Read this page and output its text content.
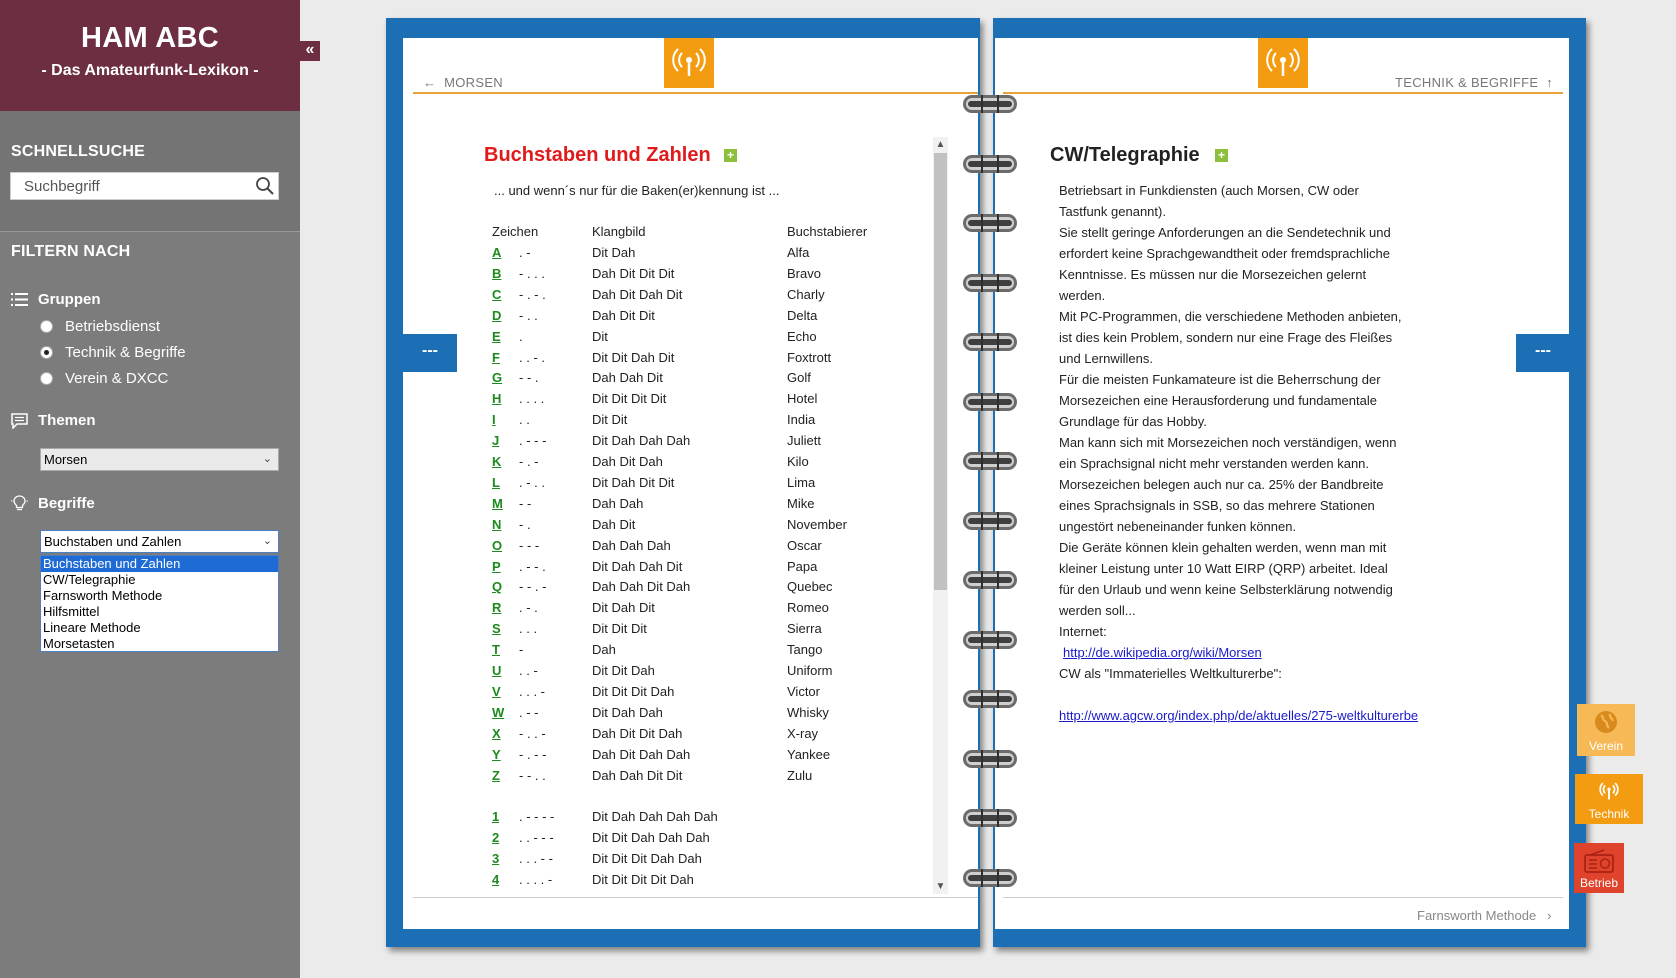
HAM ABC
- Das Amateurfunk-Lexikon -
SCHNELLSUCHE
Suchbegriff
FILTERN NACH
Gruppen
Betriebsdienst
Technik & Begriffe
Verein & DXCC
Themen
Morsen	⌄
Begriffe
Buchstaben und Zahlen	⌄
Buchstaben und Zahlen
CW/Telegraphie
Farnsworth Methode
Hilfsmittel
Lineare Methode
Morsetasten
«
---
← MORSEN
Buchstaben und Zahlen +
... und wenn´s nur für die Baken(er)kennung ist ...
Zeichen	Klangbild	Buchstabierer
A . -	Dit Dah	Alfa
B - . . .	Dah Dit Dit Dit	Bravo
C - . - .	Dah Dit Dah Dit	Charly
D - . .	Dah Dit Dit	Delta
E .	Dit	Echo
F . . - .	Dit Dit Dah Dit	Foxtrott
G - - .	Dah Dah Dit	Golf
H . . . .	Dit Dit Dit Dit	Hotel
I . .	Dit Dit	India
J . - - -	Dit Dah Dah Dah	Juliett
K - . -	Dah Dit Dah	Kilo
L . - . .	Dit Dah Dit Dit	Lima
M - -	Dah Dah	Mike
N - .	Dah Dit	November
O - - -	Dah Dah Dah	Oscar
P . - - .	Dit Dah Dah Dit	Papa
Q - - . -	Dah Dah Dit Dah	Quebec
R . - .	Dit Dah Dit	Romeo
S . . .	Dit Dit Dit	Sierra
T -	Dah	Tango
U . . -	Dit Dit Dah	Uniform
V . . . -	Dit Dit Dit Dah	Victor
W . - -	Dit Dah Dah	Whisky
X - . . -	Dah Dit Dit Dah	X-ray
Y - . - -	Dah Dit Dah Dah	Yankee
Z - - . .	Dah Dah Dit Dit	Zulu
1 . - - - -	Dit Dah Dah Dah Dah
2 . . - - -	Dit Dit Dah Dah Dah
3 . . . - -	Dit Dit Dit Dah Dah
4 . . . . -	Dit Dit Dit Dit Dah
▲
▼
---
TECHNIK & BEGRIFFE ↑
CW/Telegraphie +
Betriebsart in Funkdiensten (auch Morsen, CW oder
Tastfunk genannt).
Sie stellt geringe Anforderungen an die Sendetechnik und
erfordert keine Sprachgewandtheit oder fremdsprachliche
Kenntnisse. Es müssen nur die Morsezeichen gelernt
werden.
Mit PC-Programmen, die verschiedene Methoden anbieten,
ist dies kein Problem, sondern nur eine Frage des Fleißes
und Lernwillens.
Für die meisten Funkamateure ist die Beherrschung der
Morsezeichen eine Herausforderung und fundamentale
Grundlage für das Hobby.
Man kann sich mit Morsezeichen noch verständigen, wenn
ein Sprachsignal nicht mehr verstanden werden kann.
Morsezeichen belegen auch nur ca. 25% der Bandbreite
eines Sprachsignals in SSB, so das mehrere Stationen
ungestört nebeneinander funken können.
Die Geräte können klein gehalten werden, wenn man mit
kleiner Leistung unter 10 Watt EIRP (QRP) arbeitet. Ideal
für den Urlaub und wenn keine Selbsterklärung notwendig
werden soll...
Internet:
http://de.wikipedia.org/wiki/Morsen
CW als "Immaterielles Weltkulturerbe":
http://www.agcw.org/index.php/de/aktuelles/275-weltkulturerbe
Farnsworth Methode ›
Verein
Technik
Betrieb
